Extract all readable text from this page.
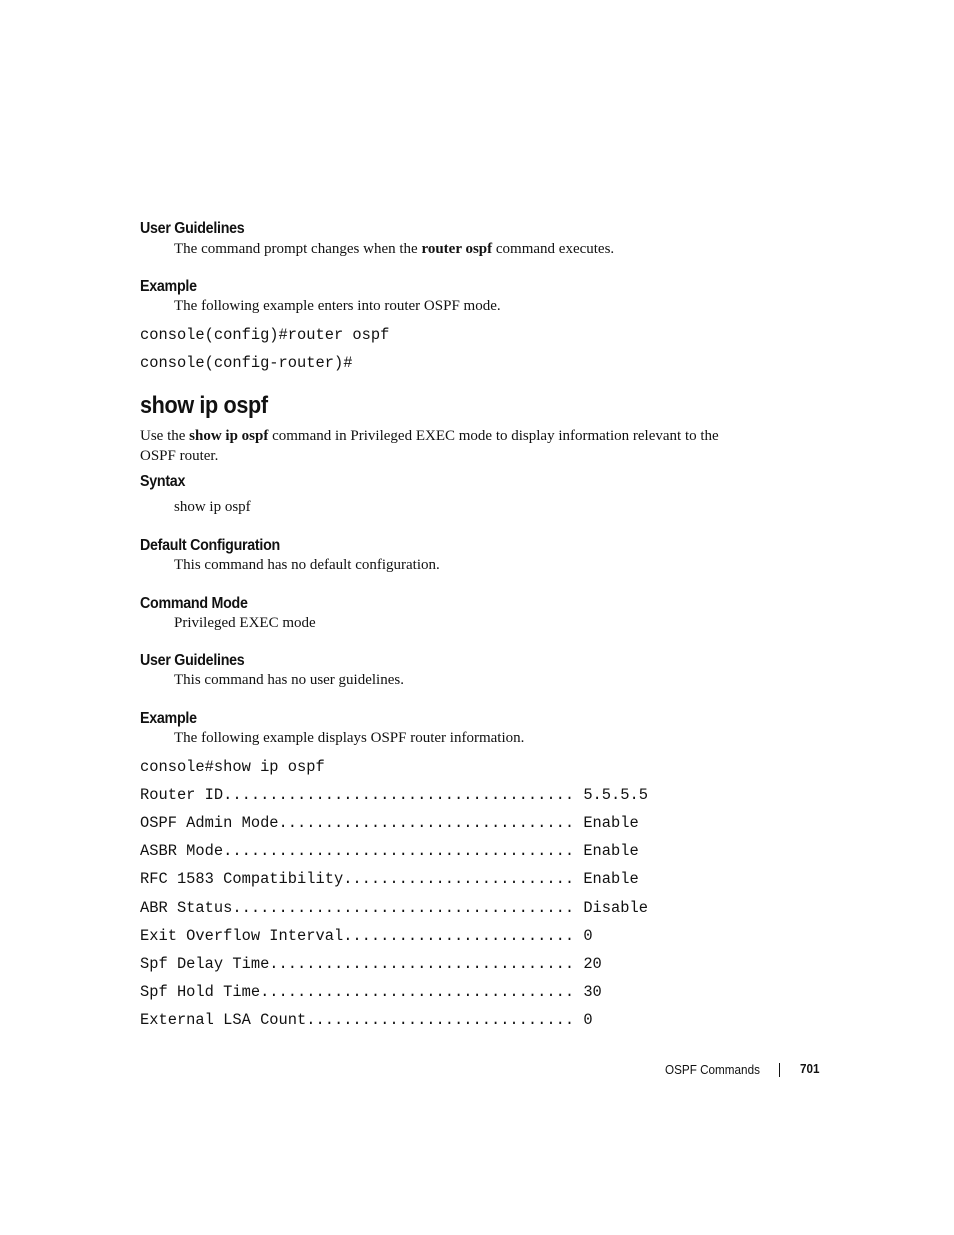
User Guidelines
The command prompt changes when the router ospf command executes.
Example
The following example enters into router OSPF mode.
console(config)#router ospf
console(config-router)#
show ip ospf
Use the show ip ospf command in Privileged EXEC mode to display information relevant to the
OSPF router.
Syntax
show ip ospf
Default Configuration
This command has no default configuration.
Command Mode
Privileged EXEC mode
User Guidelines
This command has no user guidelines.
Example
The following example displays OSPF router information.
console#show ip ospf
Router ID...................................... 5.5.5.5
OSPF Admin Mode................................ Enable
ASBR Mode...................................... Enable
RFC 1583 Compatibility......................... Enable
ABR Status..................................... Disable
Exit Overflow Interval......................... 0
Spf Delay Time................................. 20
Spf Hold Time.................................. 30
External LSA Count............................. 0
OSPF Commands	701
